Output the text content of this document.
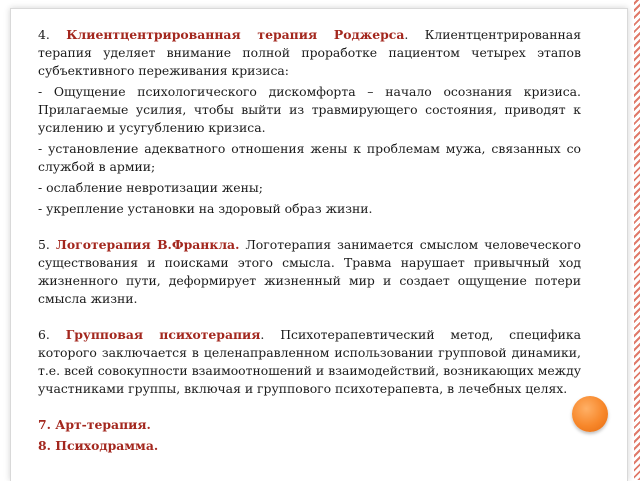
4. Клиентцентрированная терапия Роджерса. Клиентцентрированная терапия уделяет внимание полной проработке пациентом четырех этапов субъективного переживания кризиса:

- Ощущение психологического дискомфорта – начало осознания кризиса. Прилагаемые усилия, чтобы выйти из травмирующего состояния, приводят к усилению и усугублению кризиса.

- установление адекватного отношения жены к проблемам мужа, связанных со службой в армии;

- ослабление невротизации жены;

- укрепление установки на здоровый образ жизни.

5. Логотерапия В.Франкла. Логотерапия занимается смыслом человеческого существования и поисками этого смысла. Травма нарушает привычный ход жизненного пути, деформирует жизненный мир и создает ощущение потери смысла жизни.

6. Групповая психотерапия. Психотерапевтический метод, специфика которого заключается в целенаправленном использовании групповой динамики, т.е. всей совокупности взаимоотношений и взаимодействий, возникающих между участниками группы, включая и группового психотерапевта, в лечебных целях.

7. Арт-терапия.

8. Психодрамма.
